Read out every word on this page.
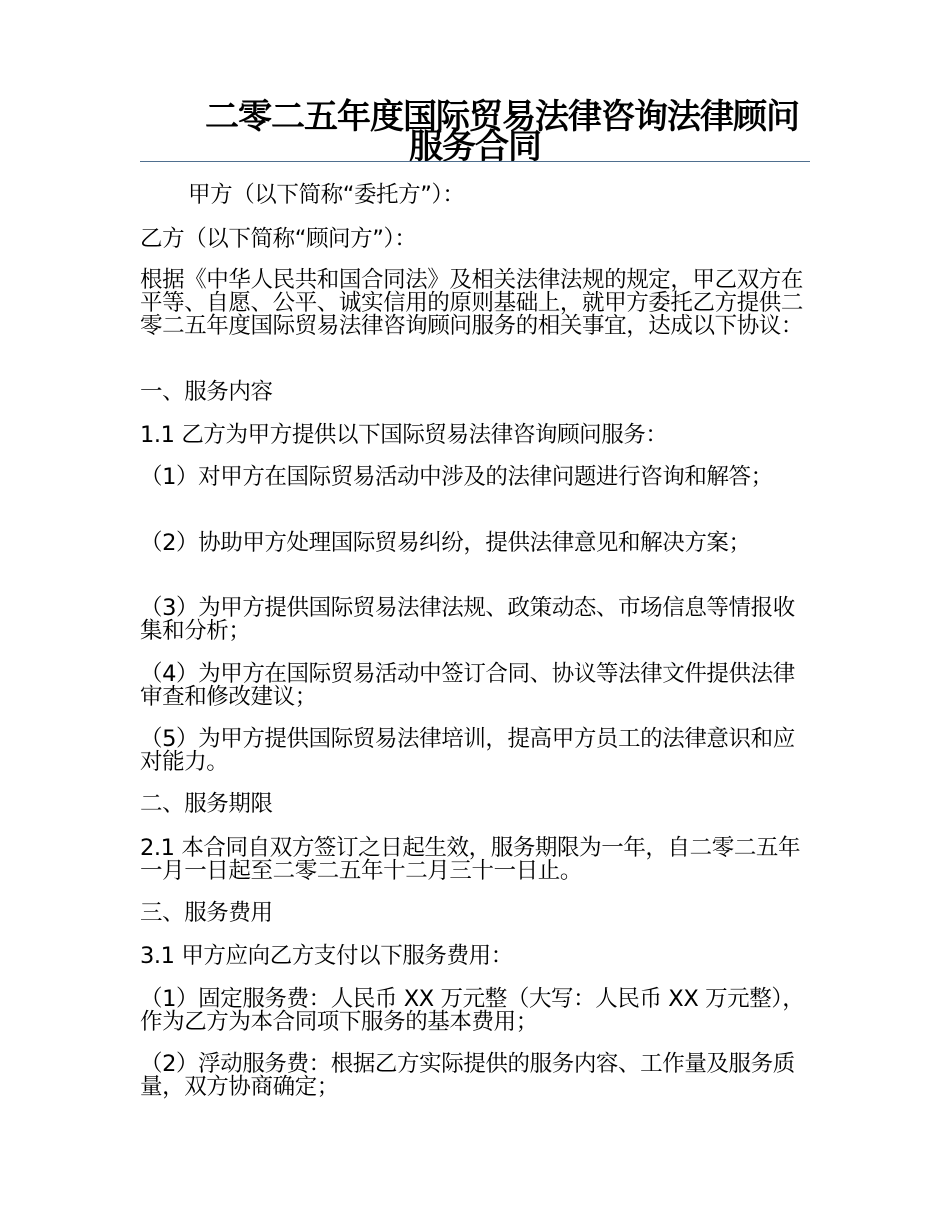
二零二五年度国际贸易法律咨询法律顾问
服务合同

甲方（以下简称“委托方”）：

乙方（以下简称“顾问方”）：

根据《中华人民共和国合同法》及相关法律法规的规定，甲乙双方在平等、自愿、公平、诚实信用的原则基础上，就甲方委托乙方提供二零二五年度国际贸易法律咨询顾问服务的相关事宜，达成以下协议：

一、服务内容

1.1 乙方为甲方提供以下国际贸易法律咨询顾问服务：

（1）对甲方在国际贸易活动中涉及的法律问题进行咨询和解答；

（2）协助甲方处理国际贸易纠纷，提供法律意见和解决方案；

（3）为甲方提供国际贸易法律法规、政策动态、市场信息等情报收集和分析；

（4）为甲方在国际贸易活动中签订合同、协议等法律文件提供法律审查和修改建议；

（5）为甲方提供国际贸易法律培训，提高甲方员工的法律意识和应对能力。

二、服务期限

2.1 本合同自双方签订之日起生效，服务期限为一年，自二零二五年一月一日起至二零二五年十二月三十一日止。

三、服务费用

3.1 甲方应向乙方支付以下服务费用：

（1）固定服务费：人民币 XX 万元整（大写：人民币 XX 万元整），作为乙方为本合同项下服务的基本费用；

（2）浮动服务费：根据乙方实际提供的服务内容、工作量及服务质量，双方协商确定；
